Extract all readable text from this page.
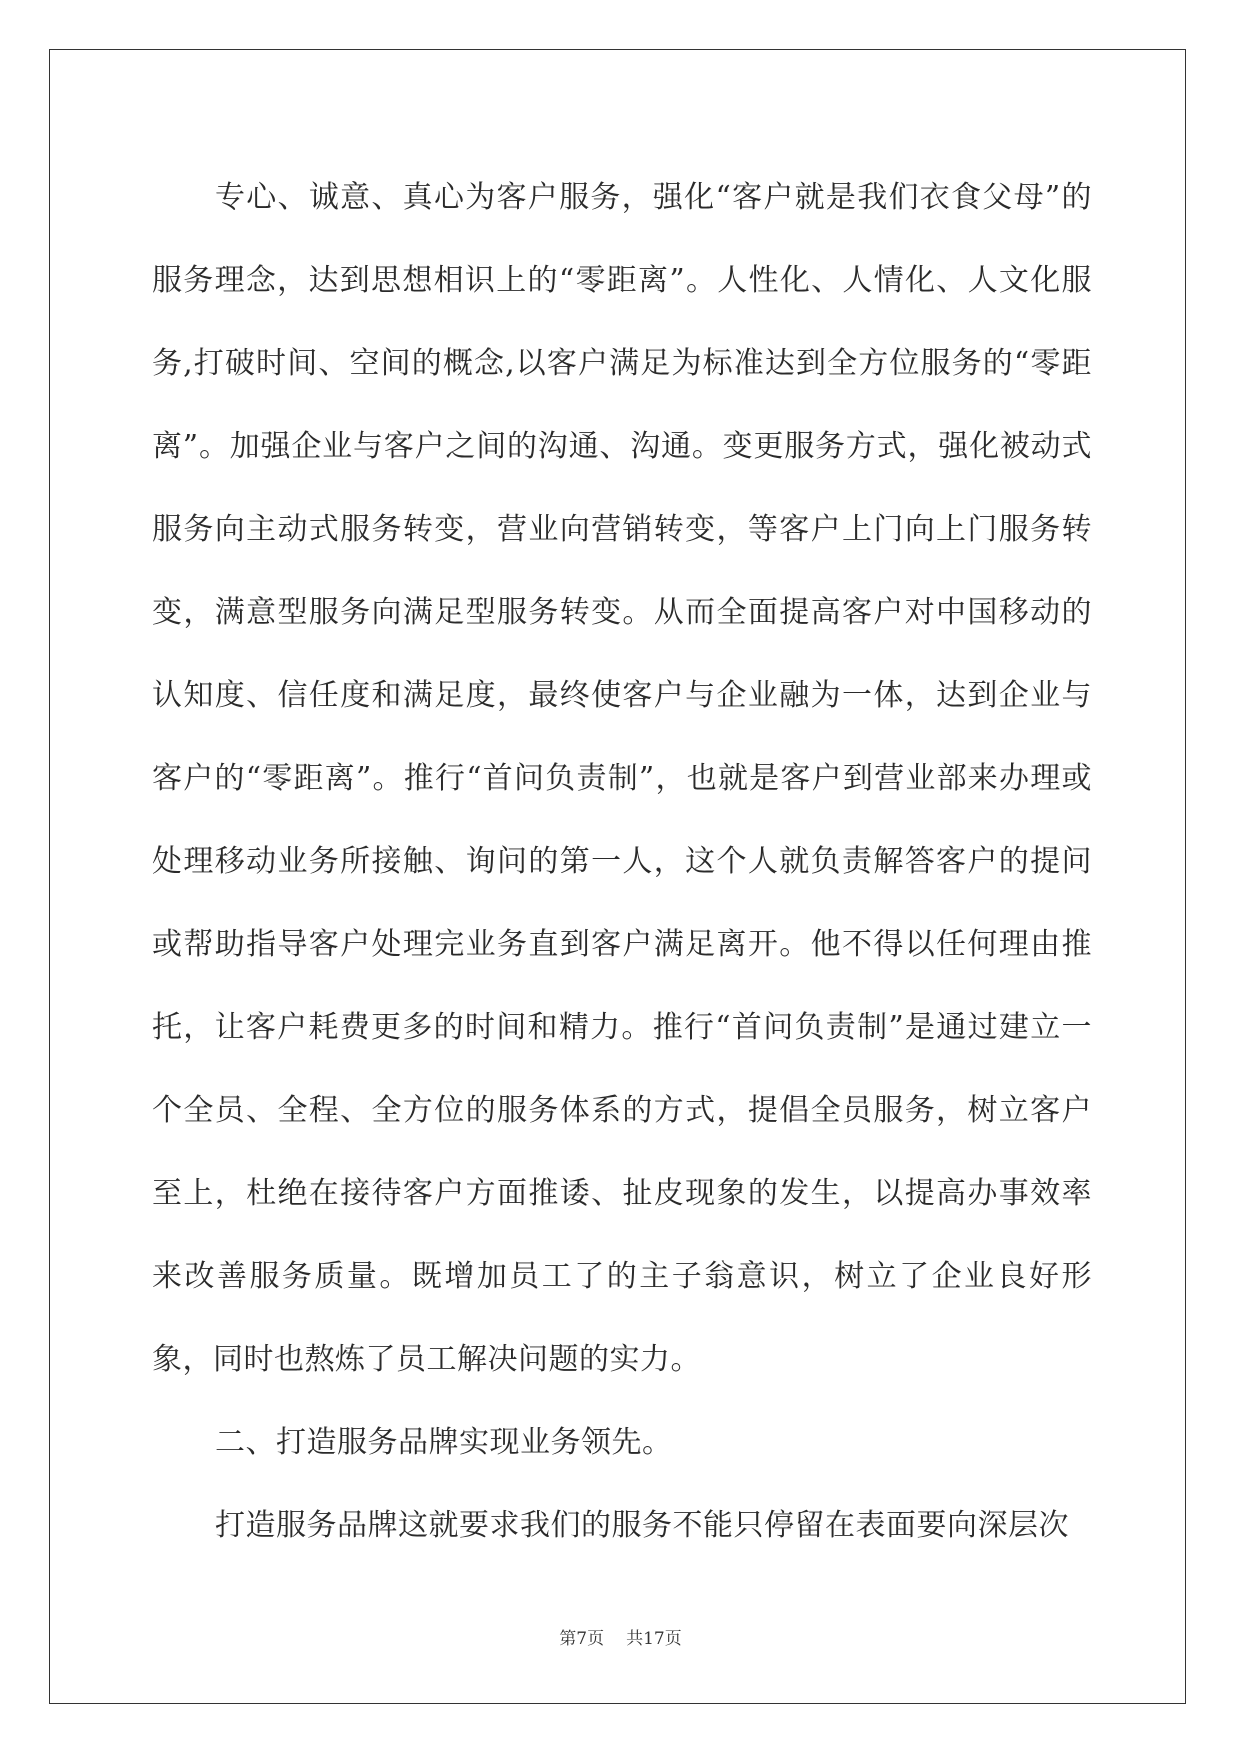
专心、诚意、真心为客户服务，强化“客户就是我们衣食父母”的服务理念，达到思想相识上的“零距离”。人性化、人情化、人文化服务,打破时间、空间的概念,以客户满足为标准达到全方位服务的“零距离”。加强企业与客户之间的沟通、沟通。变更服务方式，强化被动式服务向主动式服务转变，营业向营销转变，等客户上门向上门服务转变，满意型服务向满足型服务转变。从而全面提高客户对中国移动的认知度、信任度和满足度，最终使客户与企业融为一体，达到企业与客户的“零距离”。推行“首问负责制”，也就是客户到营业部来办理或处理移动业务所接触、询问的第一人，这个人就负责解答客户的提问或帮助指导客户处理完业务直到客户满足离开。他不得以任何理由推托，让客户耗费更多的时间和精力。推行“首问负责制”是通过建立一个全员、全程、全方位的服务体系的方式，提倡全员服务，树立客户至上，杜绝在接待客户方面推诿、扯皮现象的发生，以提高办事效率来改善服务质量。既增加员工了的主子翁意识，树立了企业良好形象，同时也熬炼了员工解决问题的实力。

二、打造服务品牌实现业务领先。

打造服务品牌这就要求我们的服务不能只停留在表面要向深层次

第7页 共17页
